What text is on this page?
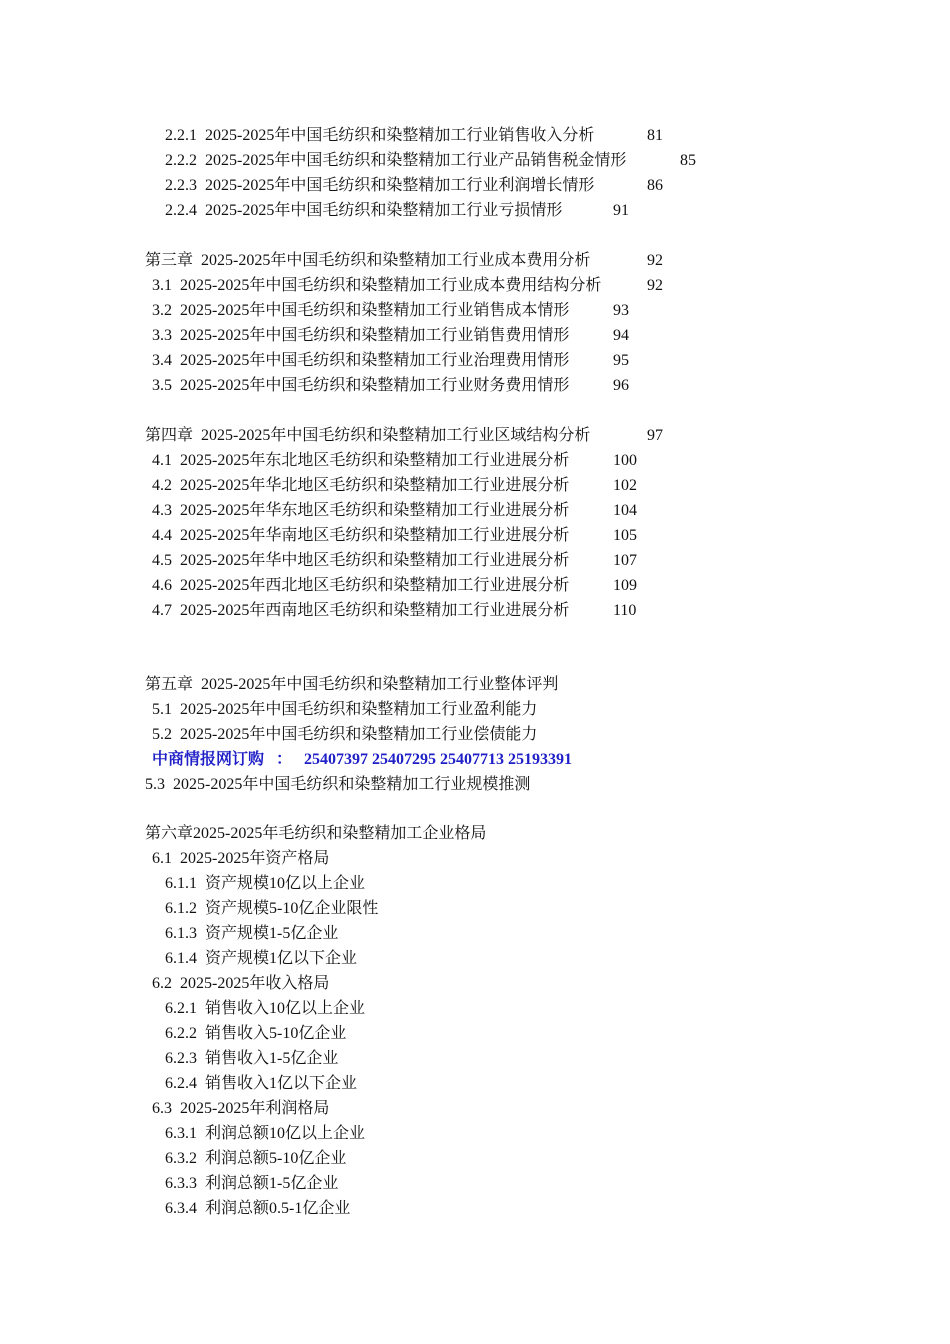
2.2.1 2025-2025年中国毛纺织和染整精加工行业销售收入分析	81
2.2.2 2025-2025年中国毛纺织和染整精加工行业产品销售税金情形	85
2.2.3 2025-2025年中国毛纺织和染整精加工行业利润增长情形	86
2.2.4 2025-2025年中国毛纺织和染整精加工行业亏损情形	91
第三章 2025-2025年中国毛纺织和染整精加工行业成本费用分析	92
3.1 2025-2025年中国毛纺织和染整精加工行业成本费用结构分析	92
3.2 2025-2025年中国毛纺织和染整精加工行业销售成本情形	93
3.3 2025-2025年中国毛纺织和染整精加工行业销售费用情形	94
3.4 2025-2025年中国毛纺织和染整精加工行业治理费用情形	95
3.5 2025-2025年中国毛纺织和染整精加工行业财务费用情形	96
第四章 2025-2025年中国毛纺织和染整精加工行业区域结构分析	97
4.1 2025-2025年东北地区毛纺织和染整精加工行业进展分析	100
4.2 2025-2025年华北地区毛纺织和染整精加工行业进展分析	102
4.3 2025-2025年华东地区毛纺织和染整精加工行业进展分析	104
4.4 2025-2025年华南地区毛纺织和染整精加工行业进展分析	105
4.5 2025-2025年华中地区毛纺织和染整精加工行业进展分析	107
4.6 2025-2025年西北地区毛纺织和染整精加工行业进展分析	109
4.7 2025-2025年西南地区毛纺织和染整精加工行业进展分析	110
第五章 2025-2025年中国毛纺织和染整精加工行业整体评判
5.1 2025-2025年中国毛纺织和染整精加工行业盈利能力
5.2 2025-2025年中国毛纺织和染整精加工行业偿债能力
中商情报网订购 ： 25407397 25407295 25407713 25193391
5.3 2025-2025年中国毛纺织和染整精加工行业规模推测
第六章2025-2025年毛纺织和染整精加工企业格局
6.1 2025-2025年资产格局
6.1.1 资产规模10亿以上企业
6.1.2 资产规模5-10亿企业限性
6.1.3 资产规模1-5亿企业
6.1.4 资产规模1亿以下企业
6.2 2025-2025年收入格局
6.2.1 销售收入10亿以上企业
6.2.2 销售收入5-10亿企业
6.2.3 销售收入1-5亿企业
6.2.4 销售收入1亿以下企业
6.3 2025-2025年利润格局
6.3.1 利润总额10亿以上企业
6.3.2 利润总额5-10亿企业
6.3.3 利润总额1-5亿企业
6.3.4 利润总额0.5-1亿企业
